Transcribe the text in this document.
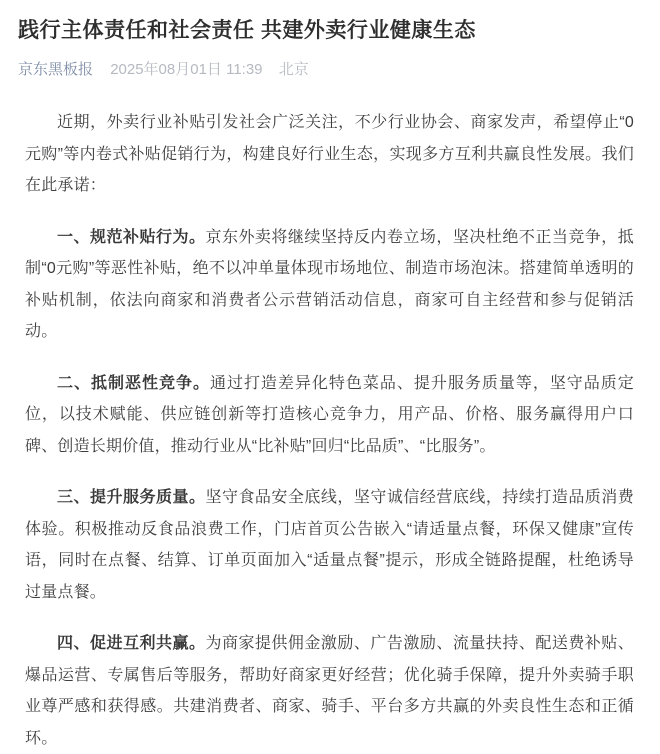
践行主体责任和社会责任 共建外卖行业健康生态
京东黑板报 2025年08月01日 11:39 北京

近期，外卖行业补贴引发社会广泛关注，不少行业协会、商家发声，希望停止“0元购”等内卷式补贴促销行为，构建良好行业生态，实现多方互利共赢良性发展。我们在此承诺：

一、规范补贴行为。京东外卖将继续坚持反内卷立场，坚决杜绝不正当竞争，抵制“0元购”等恶性补贴，绝不以冲单量体现市场地位、制造市场泡沫。搭建简单透明的补贴机制，依法向商家和消费者公示营销活动信息，商家可自主经营和参与促销活动。

二、抵制恶性竞争。通过打造差异化特色菜品、提升服务质量等，坚守品质定位，以技术赋能、供应链创新等打造核心竞争力，用产品、价格、服务赢得用户口碑、创造长期价值，推动行业从“比补贴”回归“比品质”、“比服务”。

三、提升服务质量。坚守食品安全底线，坚守诚信经营底线，持续打造品质消费体验。积极推动反食品浪费工作，门店首页公告嵌入“请适量点餐，环保又健康”宣传语，同时在点餐、结算、订单页面加入“适量点餐”提示，形成全链路提醒，杜绝诱导过量点餐。

四、促进互利共赢。为商家提供佣金激励、广告激励、流量扶持、配送费补贴、爆品运营、专属售后等服务，帮助好商家更好经营；优化骑手保障，提升外卖骑手职业尊严感和获得感。共建消费者、商家、骑手、平台多方共赢的外卖良性生态和正循环。
